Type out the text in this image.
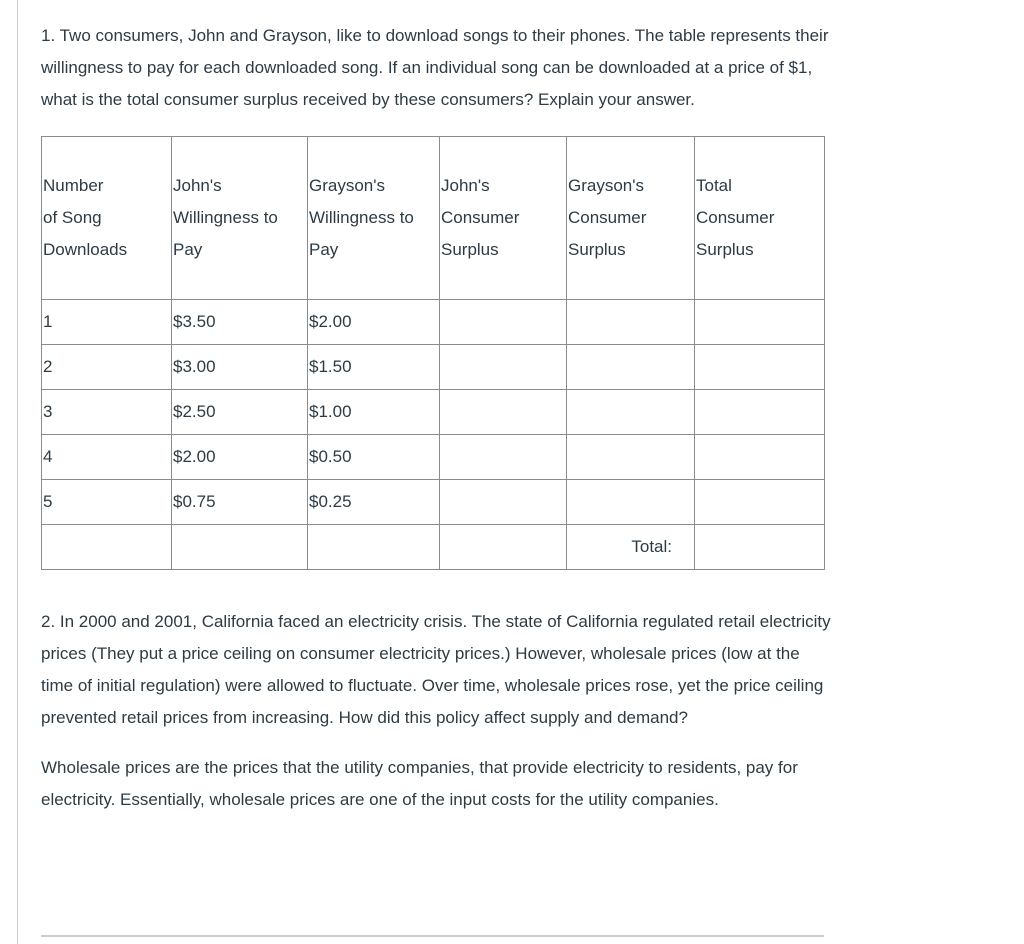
1. Two consumers, John and Grayson, like to download songs to their phones. The table represents their willingness to pay for each downloaded song. If an individual song can be downloaded at a price of $1, what is the total consumer surplus received by these consumers? Explain your answer.

Number
of Song
Downloads	John's
Willingness to
Pay	Grayson's
Willingness to
Pay	John's
Consumer
Surplus	Grayson's
Consumer
Surplus	Total
Consumer
Surplus

1	$3.50	$2.00			
2	$3.00	$1.50			
3	$2.50	$1.00			
4	$2.00	$0.50			
5	$0.75	$0.25			
				Total:	

2. In 2000 and 2001, California faced an electricity crisis. The state of California regulated retail electricity prices (They put a price ceiling on consumer electricity prices.) However, wholesale prices (low at the time of initial regulation) were allowed to fluctuate. Over time, wholesale prices rose, yet the price ceiling prevented retail prices from increasing. How did this policy affect supply and demand?

Wholesale prices are the prices that the utility companies, that provide electricity to residents, pay for electricity. Essentially, wholesale prices are one of the input costs for the utility companies.
